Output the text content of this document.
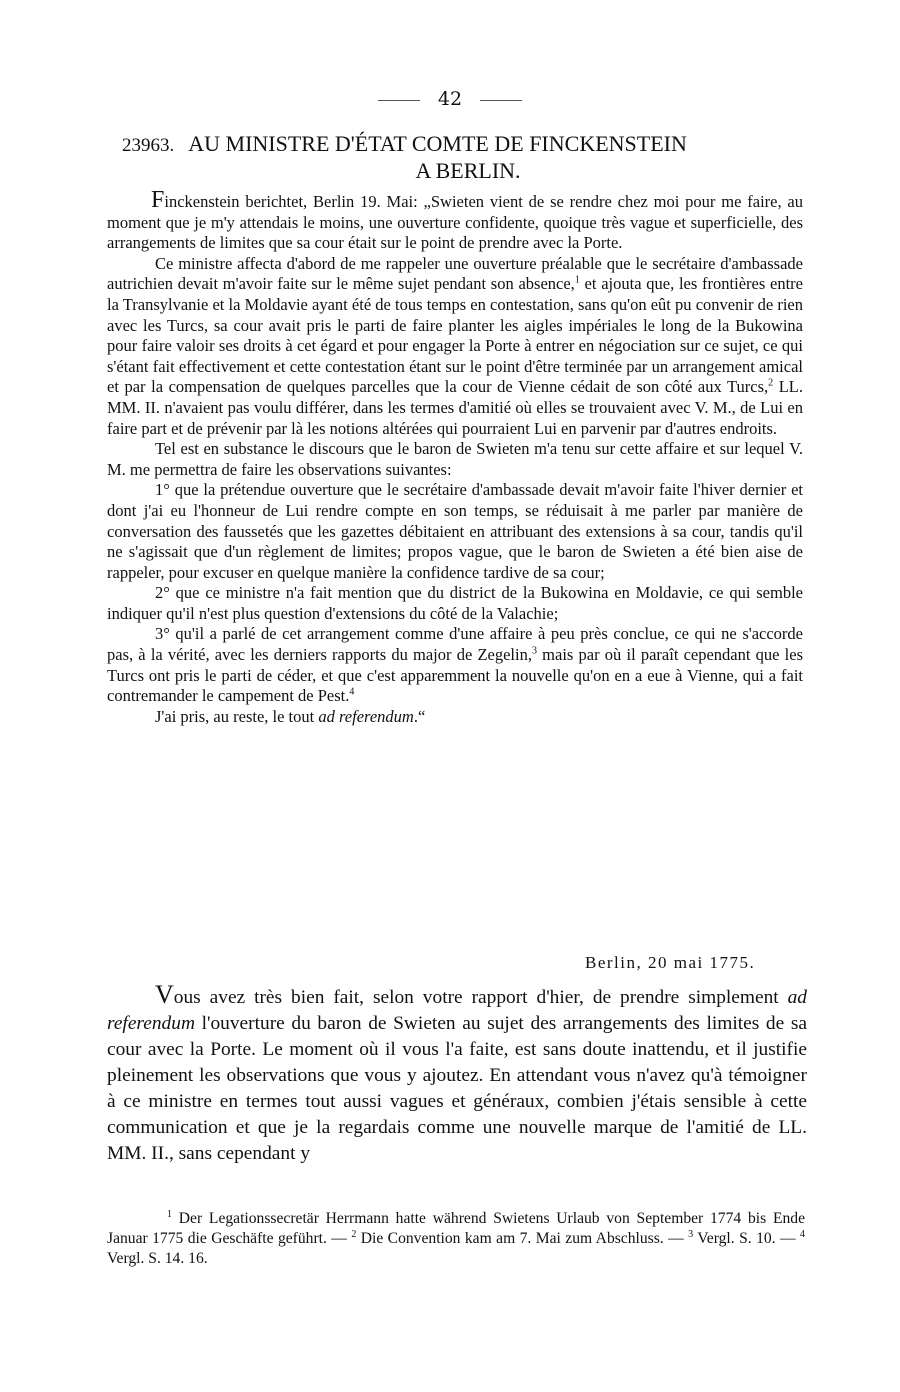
42
23963. AU MINISTRE D'ÉTAT COMTE DE FINCKENSTEIN
A BERLIN.

Finckenstein berichtet, Berlin 19. Mai: „Swieten vient de se rendre chez moi pour me faire, au moment que je m'y attendais le moins, une ouverture confidente, quoique très vague et superficielle, des arrangements de limites que sa cour était sur le point de prendre avec la Porte.

Ce ministre affecta d'abord de me rappeler une ouverture préalable que le secrétaire d'ambassade autrichien devait m'avoir faite sur le même sujet pendant son absence,$^1$ et ajouta que, les frontières entre la Transylvanie et la Moldavie ayant été de tous temps en contestation, sans qu'on eût pu convenir de rien avec les Turcs, sa cour avait pris le parti de faire planter les aigles impériales le long de la Bukowina pour faire valoir ses droits à cet égard et pour engager la Porte à entrer en négociation sur ce sujet, ce qui s'étant fait effectivement et cette contestation étant sur le point d'être terminée par un arrangement amical et par la compensation de quelques parcelles que la cour de Vienne cédait de son côté aux Turcs,$^2$ LL. MM. II. n'avaient pas voulu différer, dans les termes d'amitié où elles se trouvaient avec V. M., de Lui en faire part et de prévenir par là les notions altérées qui pourraient Lui en parvenir par d'autres endroits.

Tel est en substance le discours que le baron de Swieten m'a tenu sur cette affaire et sur lequel V. M. me permettra de faire les observations suivantes:

1° que la prétendue ouverture que le secrétaire d'ambassade devait m'avoir faite l'hiver dernier et dont j'ai eu l'honneur de Lui rendre compte en son temps, se réduisait à me parler par manière de conversation des faussetés que les gazettes débitaient en attribuant des extensions à sa cour, tandis qu'il ne s'agissait que d'un règlement de limites; propos vague, que le baron de Swieten a été bien aise de rappeler, pour excuser en quelque manière la confidence tardive de sa cour;

2° que ce ministre n'a fait mention que du district de la Bukowina en Moldavie, ce qui semble indiquer qu'il n'est plus question d'extensions du côté de la Valachie;

3° qu'il a parlé de cet arrangement comme d'une affaire à peu près conclue, ce qui ne s'accorde pas, à la vérité, avec les derniers rapports du major de Zegelin,$^3$ mais par où il paraît cependant que les Turcs ont pris le parti de céder, et que c'est apparemment la nouvelle qu'on en a eue à Vienne, qui a fait contremander le campement de Pest.$^4$

J'ai pris, au reste, le tout ad referendum.“

Berlin, 20 mai 1775.

Vous avez très bien fait, selon votre rapport d'hier, de prendre simplement ad referendum l'ouverture du baron de Swieten au sujet des arrangements des limites de sa cour avec la Porte. Le moment où il vous l'a faite, est sans doute inattendu, et il justifie pleinement les observations que vous y ajoutez. En attendant vous n'avez qu'à témoigner à ce ministre en termes tout aussi vagues et généraux, combien j'étais sensible à cette communication et que je la regardais comme une nouvelle marque de l'amitié de LL. MM. II., sans cependant y

$^1$ Der Legationssecretär Herrmann hatte während Swietens Urlaub von September 1774 bis Ende Januar 1775 die Geschäfte geführt. — $^2$ Die Convention kam am 7. Mai zum Abschluss. — $^3$ Vergl. S. 10. — $^4$ Vergl. S. 14. 16.
